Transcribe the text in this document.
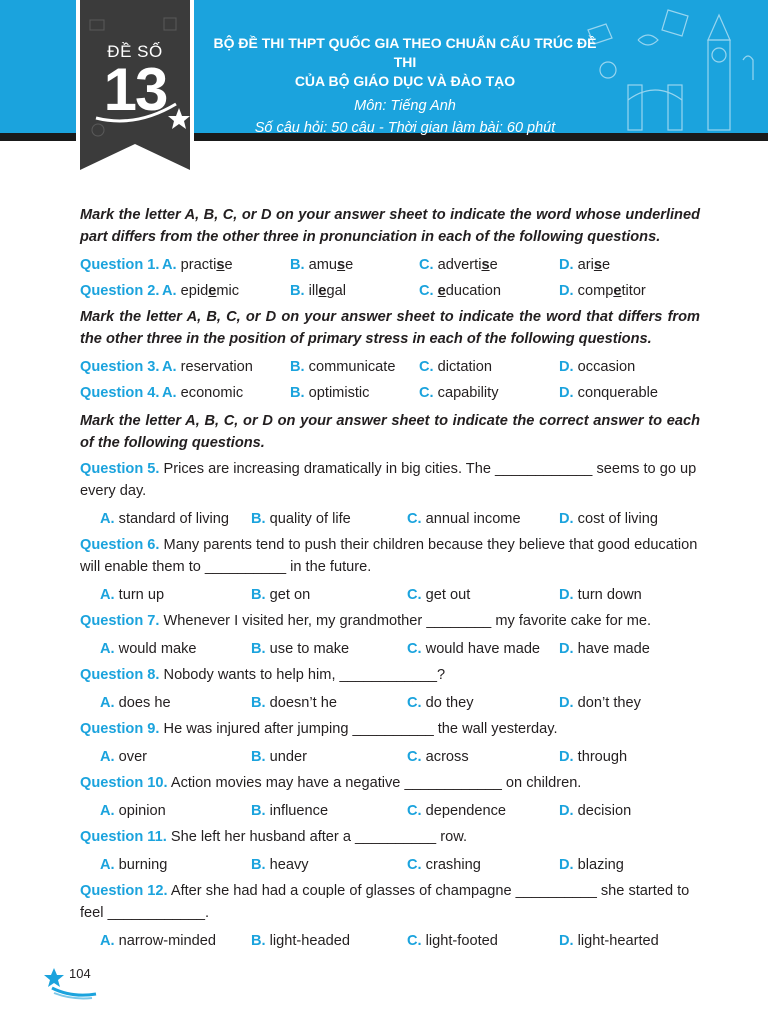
ĐỀ SỐ
13
BỘ ĐỀ THI THPT QUỐC GIA THEO CHUẨN CẤU TRÚC ĐỀ THI
CỦA BỘ GIÁO DỤC VÀ ĐÀO TẠO
Môn: Tiếng Anh
Số câu hỏi: 50 câu - Thời gian làm bài: 60 phút

Mark the letter A, B, C, or D on your answer sheet to indicate the word whose underlined part differs from the other three in pronunciation in each of the following questions.

Question 1. A. practise	B. amuse	C. advertise	D. arise
Question 2. A. epidemic	B. illegal	C. education	D. competitor

Mark the letter A, B, C, or D on your answer sheet to indicate the word that differs from the other three in the position of primary stress in each of the following questions.

Question 3. A. reservation	B. communicate C. dictation	D. occasion
Question 4. A. economic	B. optimistic	C. capability	D. conquerable

Mark the letter A, B, C, or D on your answer sheet to indicate the correct answer to each of the following questions.

Question 5. Prices are increasing dramatically in big cities. The ____________ seems to go up every day.
A. standard of living B. quality of life	C. annual income	D. cost of living
Question 6. Many parents tend to push their children because they believe that good education will enable them to __________ in the future.
A. turn up	B. get on	C. get out	D. turn down
Question 7. Whenever I visited her, my grandmother ________ my favorite cake for me.
A. would make	B. use to make	C. would have made D. have made
Question 8. Nobody wants to help him, ____________?
A. does he	B. doesn’t he	C. do they	D. don’t they
Question 9. He was injured after jumping __________ the wall yesterday.
A. over	B. under	C. across	D. through
Question 10. Action movies may have a negative ____________ on children.
A. opinion	B. influence	C. dependence	D. decision
Question 11. She left her husband after a __________ row.
A. burning	B. heavy	C. crashing	D. blazing
Question 12. After she had had a couple of glasses of champagne __________ she started to feel ____________.
A. narrow-minded B. light-headed	C. light-footed	D. light-hearted
104
